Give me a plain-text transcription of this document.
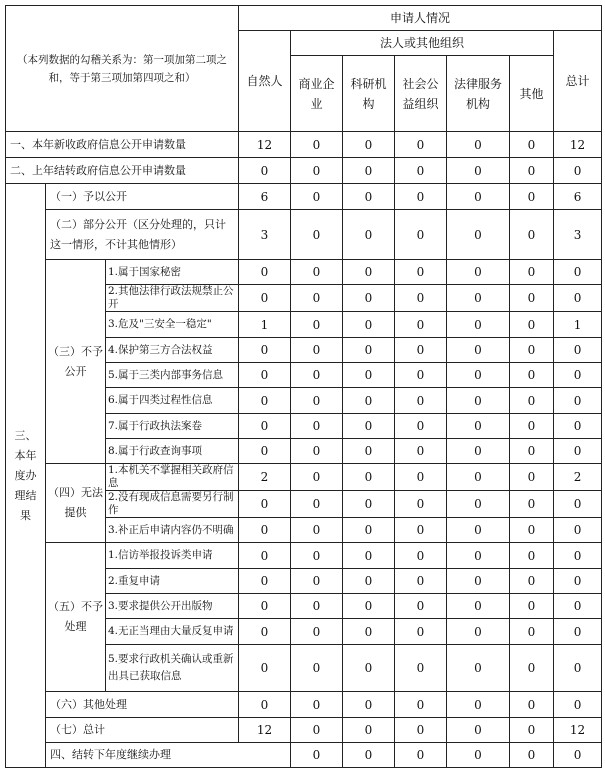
（本列数据的勾稽关系为：第一项加第二项之和，等于第三项加第四项之和）			申请人情况							
			自然人	法人或其他组织					总计	
				商业企业	科研机构	社会公益组织	法律服务机构	其他		
一、本年新收政府信息公开申请数量			12	0	0	0	0	0	12	
二、上年结转政府信息公开申请数量			0	0	0	0	0	0	0	
三、本年度办理结果	（一）予以公开		6	0	0	0	0	0	6	
	（二）部分公开（区分处理的，只计这一情形，不计其他情形）		3	0	0	0	0	0	3	
	（三）不予公开	1.属于国家秘密	0	0	0	0	0	0	0	
		2.其他法律行政法规禁止公开	0	0	0	0	0	0	0	
		3.危及"三安全一稳定"	1	0	0	0	0	0	1	
		4.保护第三方合法权益	0	0	0	0	0	0	0	
		5.属于三类内部事务信息	0	0	0	0	0	0	0	
		6.属于四类过程性信息	0	0	0	0	0	0	0	
		7.属于行政执法案卷	0	0	0	0	0	0	0	
		8.属于行政查询事项	0	0	0	0	0	0	0	
	（四）无法提供	1.本机关不掌握相关政府信息	2	0	0	0	0	0	2	
		2.没有现成信息需要另行制作	0	0	0	0	0	0	0	
		3.补正后申请内容仍不明确	0	0	0	0	0	0	0	
	（五）不予处理	1.信访举报投诉类申请	0	0	0	0	0	0	0	
		2.重复申请	0	0	0	0	0	0	0	
		3.要求提供公开出版物	0	0	0	0	0	0	0	
		4.无正当理由大量反复申请	0	0	0	0	0	0	0	
		5.要求行政机关确认或重新出具已获取信息	0	0	0	0	0	0	0	
	（六）其他处理		0	0	0	0	0	0	0	
	（七）总计		12	0	0	0	0	0	12	
	四、结转下年度继续办理			0	0	0	0	0	0	
